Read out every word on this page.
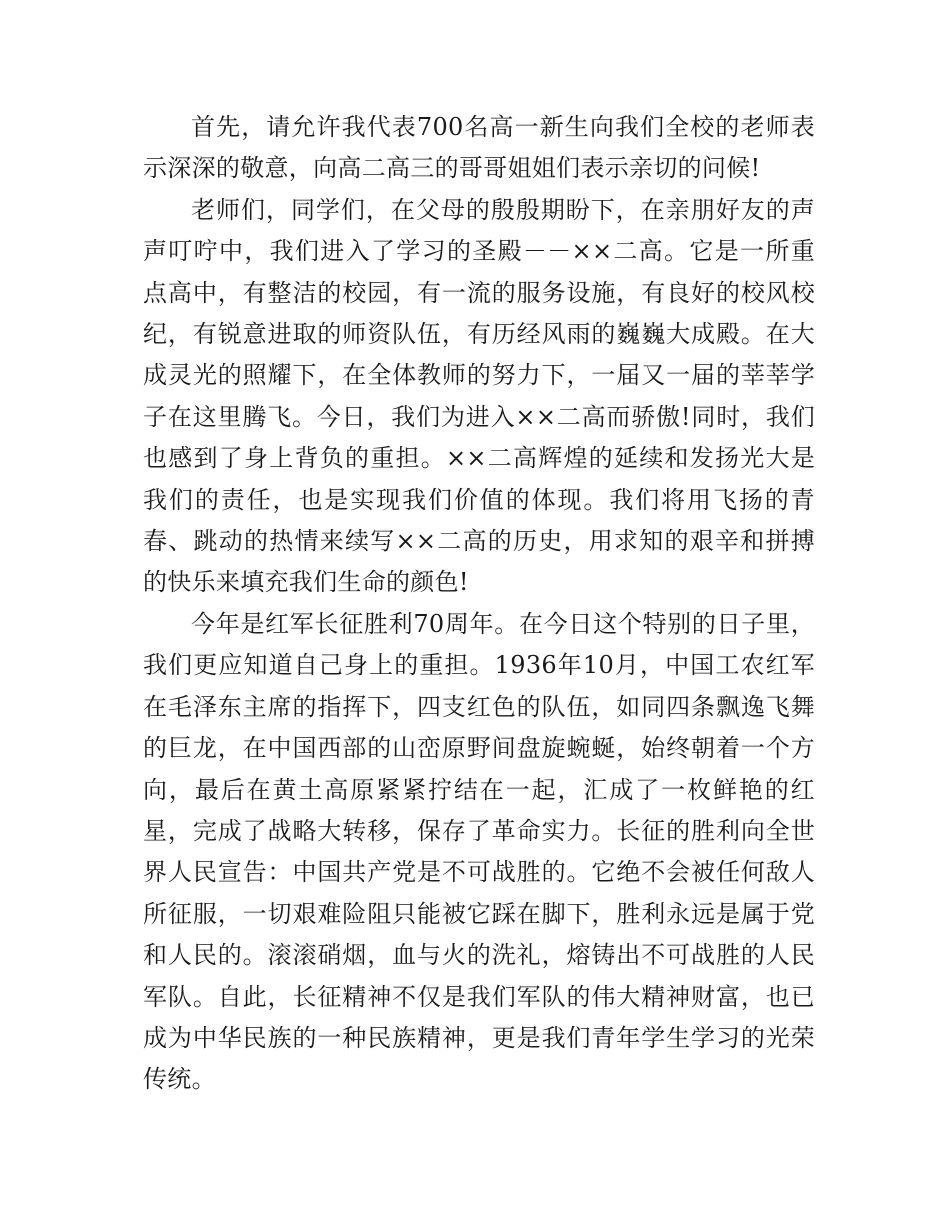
首先，请允许我代表700名高一新生向我们全校的老师表示深深的敬意，向高二高三的哥哥姐姐们表示亲切的问候!

老师们，同学们，在父母的殷殷期盼下，在亲朋好友的声声叮咛中，我们进入了学习的圣殿－－××二高。它是一所重点高中，有整洁的校园，有一流的服务设施，有良好的校风校纪，有锐意进取的师资队伍，有历经风雨的巍巍大成殿。在大成灵光的照耀下，在全体教师的努力下，一届又一届的莘莘学子在这里腾飞。今日，我们为进入××二高而骄傲!同时，我们也感到了身上背负的重担。××二高辉煌的延续和发扬光大是我们的责任，也是实现我们价值的体现。我们将用飞扬的青春、跳动的热情来续写××二高的历史，用求知的艰辛和拼搏的快乐来填充我们生命的颜色!

今年是红军长征胜利70周年。在今日这个特别的日子里，我们更应知道自己身上的重担。1936年10月，中国工农红军在毛泽东主席的指挥下，四支红色的队伍，如同四条飘逸飞舞的巨龙，在中国西部的山峦原野间盘旋蜿蜒，始终朝着一个方向，最后在黄土高原紧紧拧结在一起，汇成了一枚鲜艳的红星，完成了战略大转移，保存了革命实力。长征的胜利向全世界人民宣告：中国共产党是不可战胜的。它绝不会被任何敌人所征服，一切艰难险阻只能被它踩在脚下，胜利永远是属于党和人民的。滚滚硝烟，血与火的洗礼，熔铸出不可战胜的人民军队。自此，长征精神不仅是我们军队的伟大精神财富，也已成为中华民族的一种民族精神，更是我们青年学生学习的光荣传统。
